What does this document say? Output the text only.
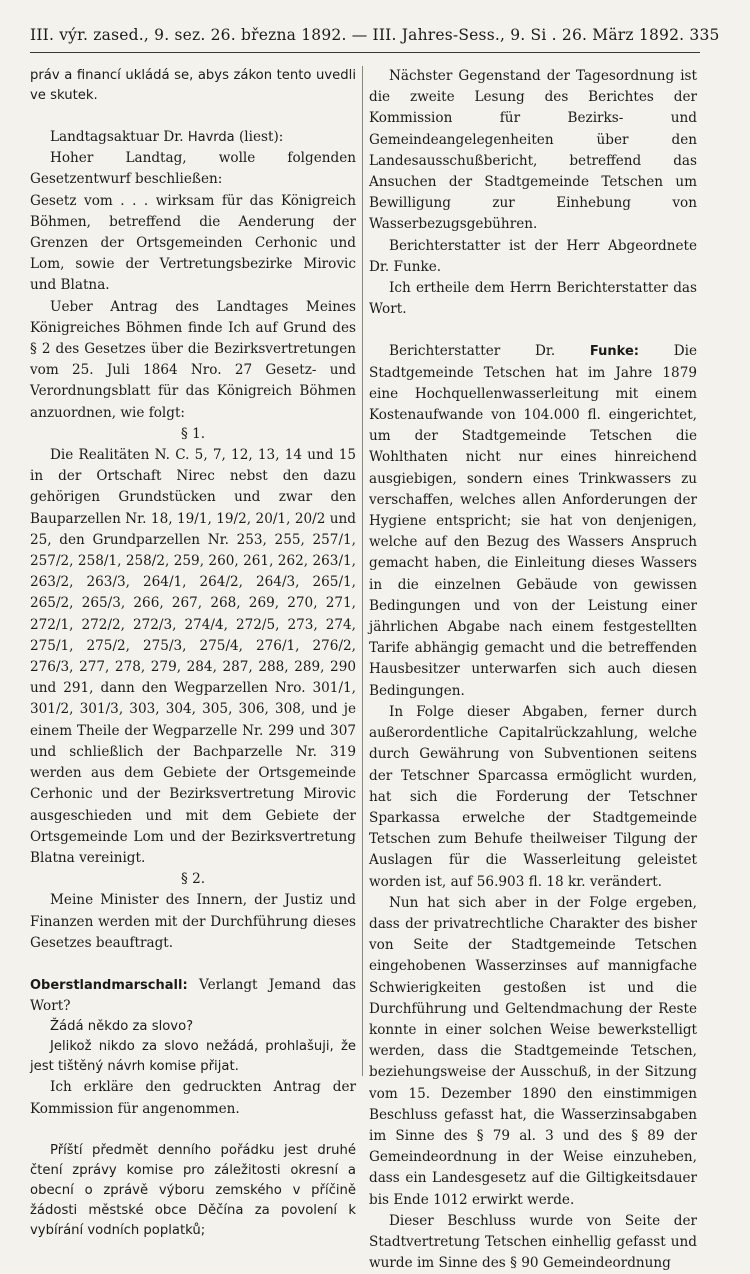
III. výr. zased., 9. sez. 26. března 1892. — III. Jahres-Sess., 9. Si . 26. März 1892. 335

práv a financí ukládá se, abys zákon tento uvedli ve skutek.

Landtagsaktuar Dr. Havrda (liest):

Hoher Landtag, wolle folgenden Gesetzentwurf beschließen:

Gesetz vom . . . wirksam für das Königreich Böhmen, betreffend die Aenderung der Grenzen der Ortsgemeinden Cerhonic und Lom, sowie der Vertretungsbezirke Mirovic und Blatna.

Ueber Antrag des Landtages Meines Königreiches Böhmen finde Ich auf Grund des § 2 des Gesetzes über die Bezirksvertretungen vom 25. Juli 1864 Nro. 27 Gesetz- und Verordnungsblatt für das Königreich Böhmen anzuordnen, wie folgt:

§ 1.

Die Realitäten N. C. 5, 7, 12, 13, 14 und 15 in der Ortschaft Nirec nebst den dazu gehörigen Grundstücken und zwar den Bauparzellen Nr. 18, 19/1, 19/2, 20/1, 20/2 und 25, den Grundparzellen Nr. 253, 255, 257/1, 257/2, 258/1, 258/2, 259, 260, 261, 262, 263/1, 263/2, 263/3, 264/1, 264/2, 264/3, 265/1, 265/2, 265/3, 266, 267, 268, 269, 270, 271, 272/1, 272/2, 272/3, 274/4, 272/5, 273, 274, 275/1, 275/2, 275/3, 275/4, 276/1, 276/2, 276/3, 277, 278, 279, 284, 287, 288, 289, 290 und 291, dann den Wegparzellen Nro. 301/1, 301/2, 301/3, 303, 304, 305, 306, 308, und je einem Theile der Wegparzelle Nr. 299 und 307 und schließlich der Bachparzelle Nr. 319 werden aus dem Gebiete der Ortsgemeinde Cerhonic und der Bezirksvertretung Mirovic ausgeschieden und mit dem Gebiete der Ortsgemeinde Lom und der Bezirksvertretung Blatna vereinigt.

§ 2.

Meine Minister des Innern, der Justiz und Finanzen werden mit der Durchführung dieses Gesetzes beauftragt.

Oberstlandmarschall: Verlangt Jemand das Wort?

Žádá někdo za slovo?

Jelikož nikdo za slovo nežádá, prohlašuji, že jest tištěný návrh komise přijat.

Ich erkläre den gedruckten Antrag der Kommission für angenommen.

Příští předmět denního pořádku jest druhé čtení zprávy komise pro záležitosti okresní a obecní o zprávě výboru zemského v příčině žádosti městské obce Děčína za povolení k vybírání vodních poplatků;

Nächster Gegenstand der Tagesordnung ist die zweite Lesung des Berichtes der Kommission für Bezirks- und Gemeindeangelegenheiten über den Landesausschußbericht, betreffend das Ansuchen der Stadtgemeinde Tetschen um Bewilligung zur Einhebung von Wasserbezugsgebühren.

Berichterstatter ist der Herr Abgeordnete Dr. Funke.

Ich ertheile dem Herrn Berichterstatter das Wort.

Berichterstatter Dr.	Funke:	Die Stadtgemeinde Tetschen hat im Jahre 1879 eine Hochquellenwasserleitung mit einem Kostenaufwande von 104.000 fl. eingerichtet, um der Stadtgemeinde Tetschen die Wohlthaten nicht nur eines hinreichend ausgiebigen, sondern eines Trinkwassers zu verschaffen, welches allen Anforderungen der Hygiene entspricht; sie hat von denjenigen, welche auf den Bezug des Wassers Anspruch gemacht haben, die Einleitung dieses Wassers in die einzelnen Gebäude von gewissen Bedingungen und von der Leistung einer jährlichen Abgabe nach einem festgestellten Tarife abhängig gemacht und die betreffenden Hausbesitzer unterwarfen sich auch diesen Bedingungen.

In Folge dieser Abgaben, ferner durch außerordentliche Capitalrückzahlung, welche durch Gewährung von Subventionen seitens der Tetschner Sparcassa ermöglicht wurden, hat sich die Forderung der Tetschner Sparkassa erwelche der Stadtgemeinde Tetschen zum Behufe theilweiser Tilgung der Auslagen für die Wasserleitung geleistet worden ist, auf 56.903 fl. 18 kr. verändert.

Nun hat sich aber in der Folge ergeben, dass der privatrechtliche Charakter des bisher von Seite der Stadtgemeinde Tetschen eingehobenen Wasserzinses auf mannigfache Schwierigkeiten gestoßen ist und die Durchführung und Geltendmachung der Reste konnte in einer solchen Weise bewerkstelligt werden, dass die Stadtgemeinde Tetschen, beziehungsweise der Ausschuß, in der Sitzung vom 15. Dezember 1890 den einstimmigen Beschluss gefasst hat, die Wasserzinsabgaben im Sinne des § 79 al. 3 und des § 89 der Gemeindeordnung in der Weise einzuheben, dass ein Landesgesetz auf die Giltigkeitsdauer bis Ende 1012 erwirkt werde.

Dieser Beschluss wurde von Seite der Stadtvertretung Tetschen einhellig gefasst und wurde im Sinne des § 90 Gemeindeordnung
